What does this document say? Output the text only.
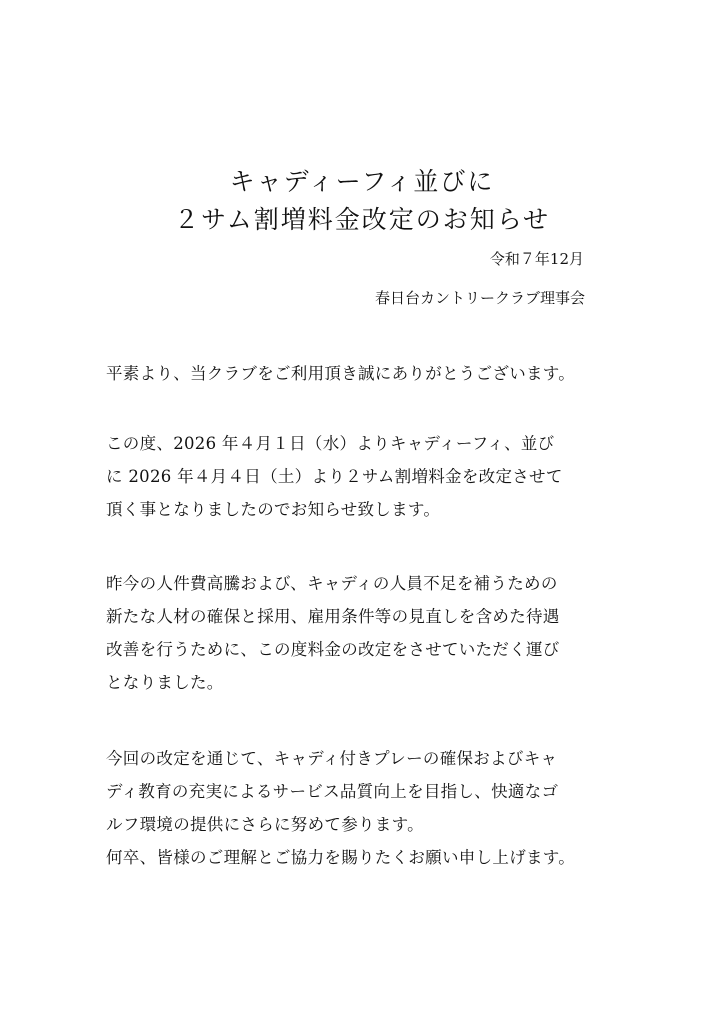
キャディーフィ並びに
２サム割増料金改定のお知らせ
令和７年12月
春日台カントリークラブ理事会
平素より、当クラブをご利用頂き誠にありがとうございます。
この度、2026 年４月１日（水）よりキャディーフィ、並び
に 2026 年４月４日（土）より２サム割増料金を改定させて
頂く事となりましたのでお知らせ致します。
昨今の人件費高騰および、キャディの人員不足を補うための
新たな人材の確保と採用、雇用条件等の見直しを含めた待遇
改善を行うために、この度料金の改定をさせていただく運び
となりました。
今回の改定を通じて、キャディ付きプレーの確保およびキャ
ディ教育の充実によるサービス品質向上を目指し、快適なゴ
ルフ環境の提供にさらに努めて参ります。
何卒、皆様のご理解とご協力を賜りたくお願い申し上げます。
